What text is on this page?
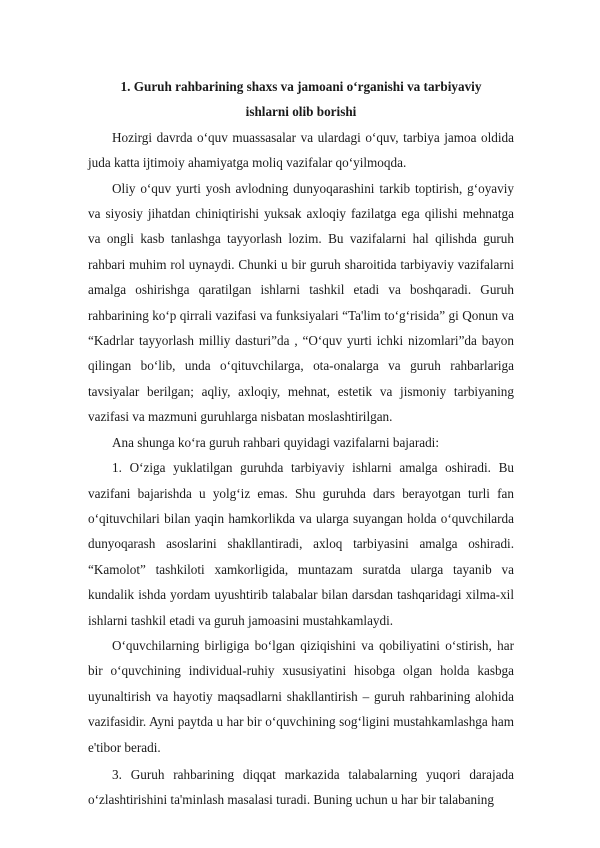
1. Guruh rahbarining shaxs va jamoani o‘rganishi va tarbiyaviy
ishlarni olib borishi

Hozirgi davrda o‘quv muassasalar va ulardagi o‘quv, tarbiya jamoa oldida juda katta ijtimoiy ahamiyatga moliq vazifalar qo‘yilmoqda.

Oliy o‘quv yurti yosh avlodning dunyoqarashini tarkib toptirish, g‘oyaviy va siyosiy jihatdan chiniqtirishi yuksak axloqiy fazilatga ega qilishi mehnatga va ongli kasb tanlashga tayyorlash lozim. Bu vazifalarni hal qilishda guruh rahbari muhim rol uynaydi. Chunki u bir guruh sharoitida tarbiyaviy vazifalarni amalga oshirishga qaratilgan ishlarni tashkil etadi va boshqaradi. Guruh rahbarining ko‘p qirrali vazifasi va funksiyalari “Ta'lim to‘g‘risida” gi Qonun va “Kadrlar tayyorlash milliy dasturi”da , “O‘quv yurti ichki nizomlari”da bayon qilingan bo‘lib, unda o‘qituvchilarga, ota-onalarga va guruh rahbarlariga tavsiyalar berilgan; aqliy, axloqiy, mehnat, estetik va jismoniy tarbiyaning vazifasi va mazmuni guruhlarga nisbatan moslashtirilgan.

Ana shunga ko‘ra guruh rahbari quyidagi vazifalarni bajaradi:

1. O‘ziga yuklatilgan guruhda tarbiyaviy ishlarni amalga oshiradi. Bu vazifani bajarishda u yolg‘iz emas. Shu guruhda dars berayotgan turli fan o‘qituvchilari bilan yaqin hamkorlikda va ularga suyangan holda o‘quvchilarda dunyoqarash asoslarini shakllantiradi, axloq tarbiyasini amalga oshiradi. “Kamolot” tashkiloti xamkorligida, muntazam suratda ularga tayanib va kundalik ishda yordam uyushtirib talabalar bilan darsdan tashqaridagi xilma-xil ishlarni tashkil etadi va guruh jamoasini mustahkamlaydi.

O‘quvchilarning birligiga bo‘lgan qiziqishini va qobiliyatini o‘stirish, har bir o‘quvchining individual-ruhiy xususiyatini hisobga olgan holda kasbga uyunaltirish va hayotiy maqsadlarni shakllantirish – guruh rahbarining alohida vazifasidir. Ayni paytda u har bir o‘quvchining sog‘ligini mustahkamlashga ham e'tibor beradi.

3. Guruh rahbarining diqqat markazida talabalarning yuqori darajada o‘zlashtirishini ta'minlash masalasi turadi. Buning uchun u har bir talabaning
